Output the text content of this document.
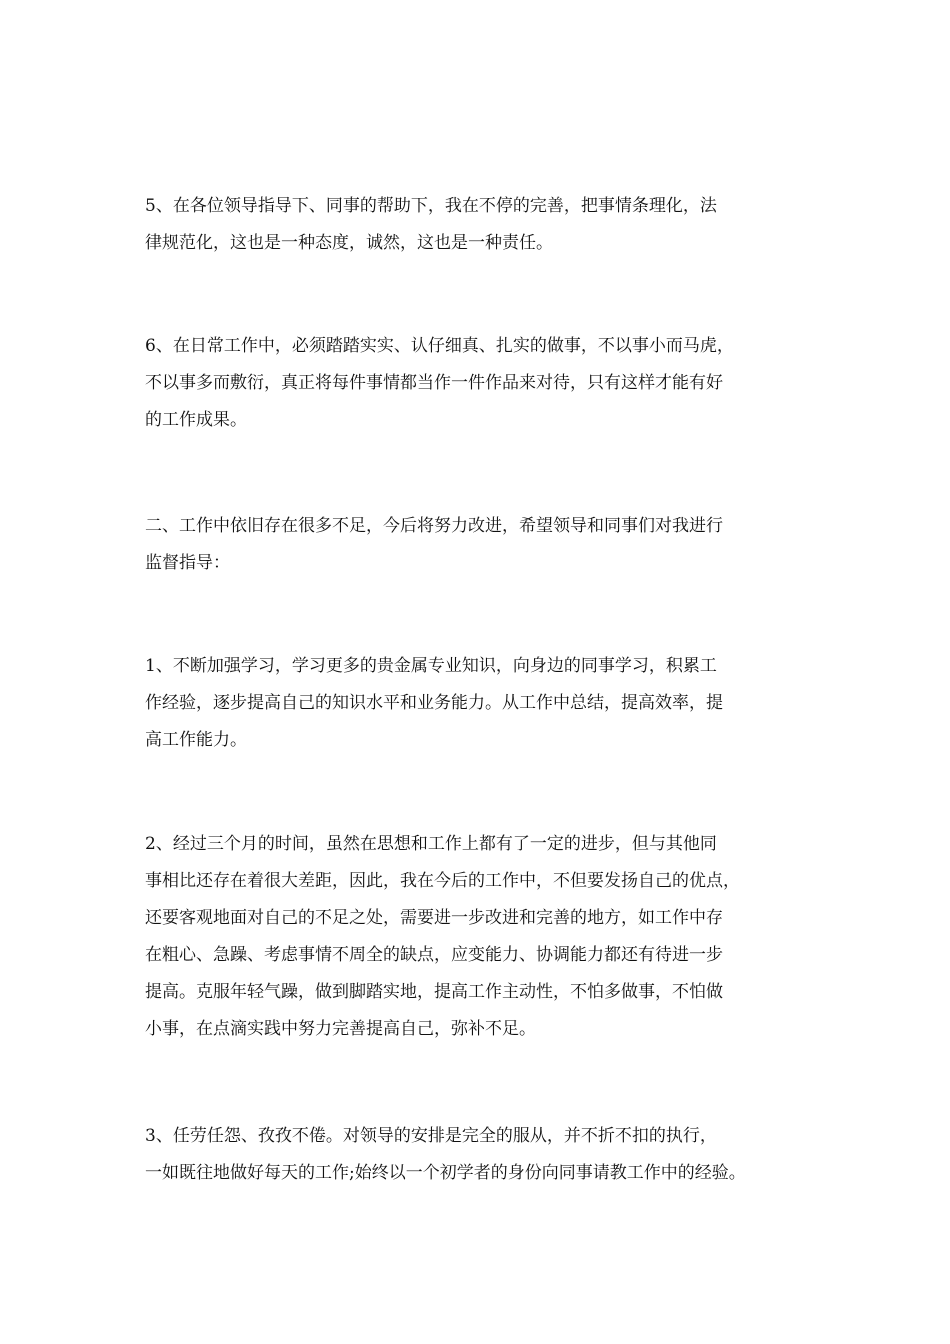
5、在各位领导指导下、同事的帮助下，我在不停的完善，把事情条理化，法
律规范化，这也是一种态度，诚然，这也是一种责任。

6、在日常工作中，必须踏踏实实、认仔细真、扎实的做事，不以事小而马虎，
不以事多而敷衍，真正将每件事情都当作一件作品来对待，只有这样才能有好
的工作成果。

二、工作中依旧存在很多不足，今后将努力改进，希望领导和同事们对我进行
监督指导：

1、不断加强学习，学习更多的贵金属专业知识，向身边的同事学习，积累工
作经验，逐步提高自己的知识水平和业务能力。从工作中总结，提高效率，提
高工作能力。

2、经过三个月的时间，虽然在思想和工作上都有了一定的进步，但与其他同
事相比还存在着很大差距，因此，我在今后的工作中，不但要发扬自己的优点，
还要客观地面对自己的不足之处，需要进一步改进和完善的地方，如工作中存
在粗心、急躁、考虑事情不周全的缺点，应变能力、协调能力都还有待进一步
提高。克服年轻气躁，做到脚踏实地，提高工作主动性，不怕多做事，不怕做
小事，在点滴实践中努力完善提高自己，弥补不足。

3、任劳任怨、孜孜不倦。对领导的安排是完全的服从，并不折不扣的执行，
一如既往地做好每天的工作;始终以一个初学者的身份向同事请教工作中的经验。
